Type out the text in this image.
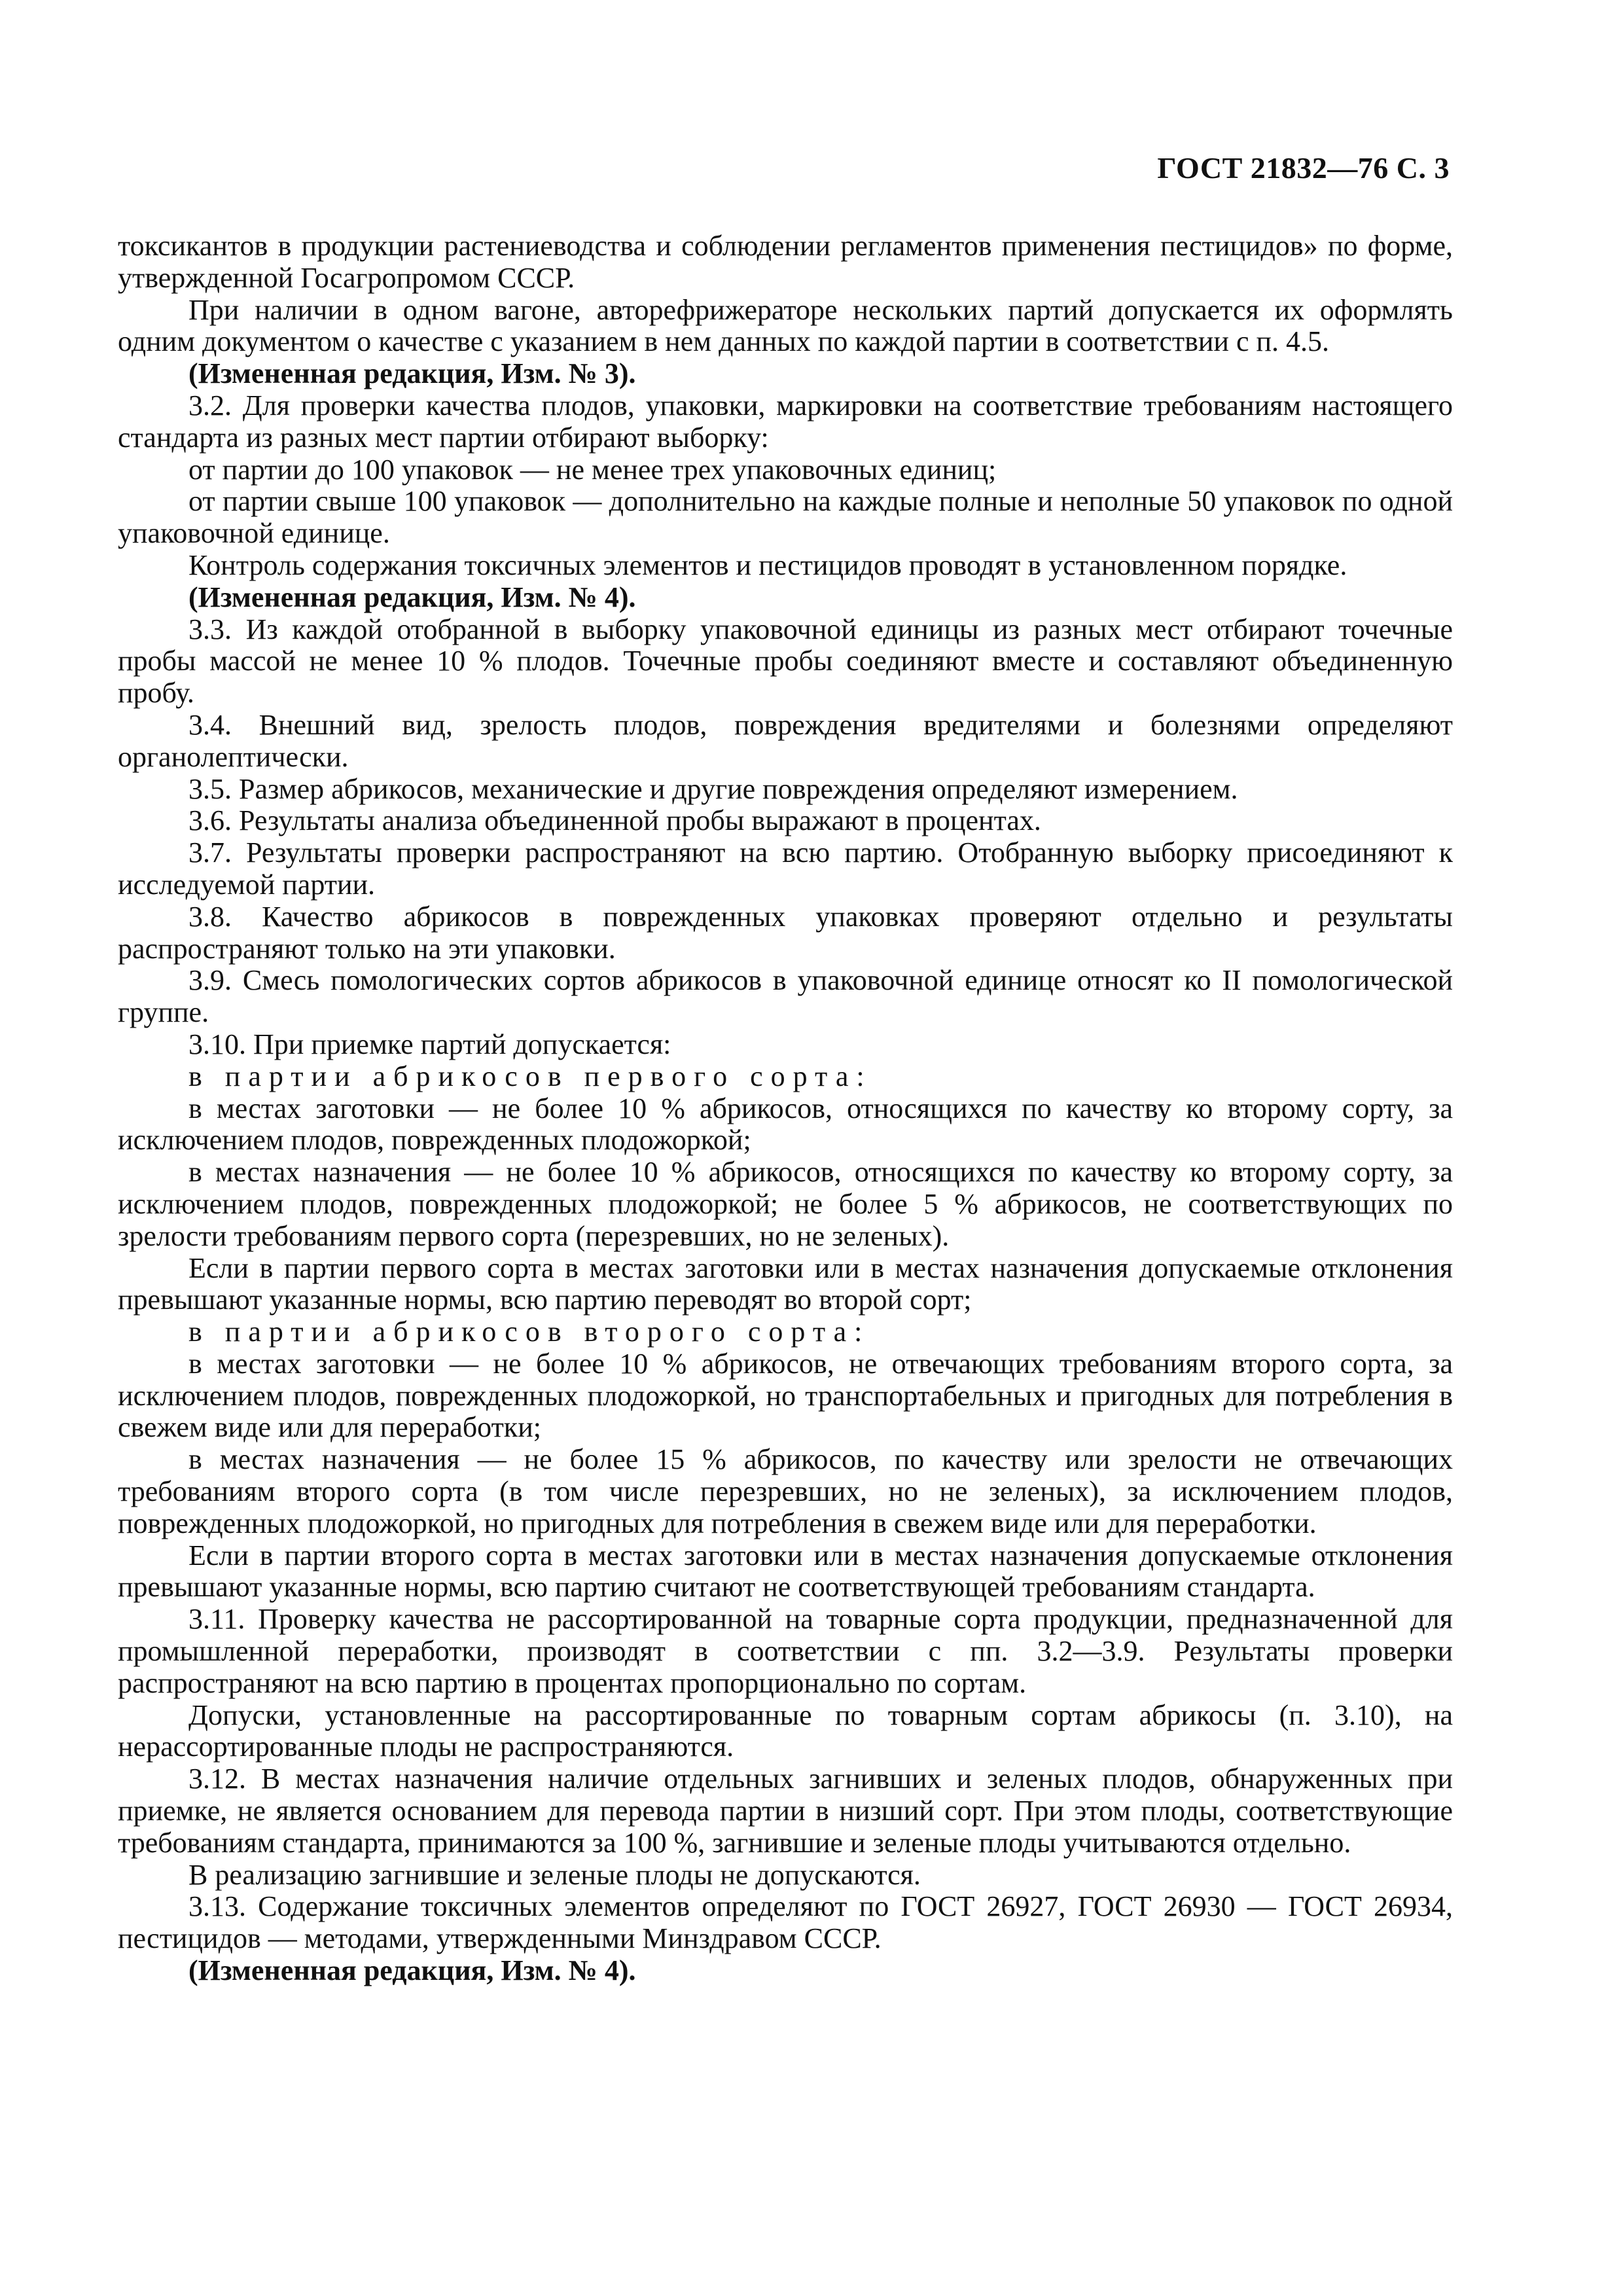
ГОСТ 21832—76 С. 3

токсикантов в продукции растениеводства и соблюдении регламентов применения пестицидов» по форме, утвержденной Госагропромом СССР.

При наличии в одном вагоне, авторефрижераторе нескольких партий допускается их оформлять одним документом о качестве с указанием в нем данных по каждой партии в соответствии с п. 4.5.

(Измененная редакция, Изм. № 3).

3.2. Для проверки качества плодов, упаковки, маркировки на соответствие требованиям настоящего стандарта из разных мест партии отбирают выборку:

от партии до 100 упаковок — не менее трех упаковочных единиц;

от партии свыше 100 упаковок — дополнительно на каждые полные и неполные 50 упаковок по одной упаковочной единице.

Контроль содержания токсичных элементов и пестицидов проводят в установленном порядке.

(Измененная редакция, Изм. № 4).

3.3. Из каждой отобранной в выборку упаковочной единицы из разных мест отбирают точечные пробы массой не менее 10 % плодов. Точечные пробы соединяют вместе и составляют объединенную пробу.

3.4. Внешний вид, зрелость плодов, повреждения вредителями и болезнями определяют органолептически.

3.5. Размер абрикосов, механические и другие повреждения определяют измерением.

3.6. Результаты анализа объединенной пробы выражают в процентах.

3.7. Результаты проверки распространяют на всю партию. Отобранную выборку присоединяют к исследуемой партии.

3.8. Качество абрикосов в поврежденных упаковках проверяют отдельно и результаты распространяют только на эти упаковки.

3.9. Смесь помологических сортов абрикосов в упаковочной единице относят ко II помологической группе.

3.10. При приемке партий допускается:

в партии абрикосов первого сорта:

в местах заготовки — не более 10 % абрикосов, относящихся по качеству ко второму сорту, за исключением плодов, поврежденных плодожоркой;

в местах назначения — не более 10 % абрикосов, относящихся по качеству ко второму сорту, за исключением плодов, поврежденных плодожоркой; не более 5 % абрикосов, не соответствующих по зрелости требованиям первого сорта (перезревших, но не зеленых).

Если в партии первого сорта в местах заготовки или в местах назначения допускаемые отклонения превышают указанные нормы, всю партию переводят во второй сорт;

в партии абрикосов второго сорта:

в местах заготовки — не более 10 % абрикосов, не отвечающих требованиям второго сорта, за исключением плодов, поврежденных плодожоркой, но транспортабельных и пригодных для потребления в свежем виде или для переработки;

в местах назначения — не более 15 % абрикосов, по качеству или зрелости не отвечающих требованиям второго сорта (в том числе перезревших, но не зеленых), за исключением плодов, поврежденных плодожоркой, но пригодных для потребления в свежем виде или для переработки.

Если в партии второго сорта в местах заготовки или в местах назначения допускаемые отклонения превышают указанные нормы, всю партию считают не соответствующей требованиям стандарта.

3.11. Проверку качества не рассортированной на товарные сорта продукции, предназначенной для промышленной переработки, производят в соответствии с пп. 3.2—3.9. Результаты проверки распространяют на всю партию в процентах пропорционально по сортам.

Допуски, установленные на рассортированные по товарным сортам абрикосы (п. 3.10), на нерассортированные плоды не распространяются.

3.12. В местах назначения наличие отдельных загнивших и зеленых плодов, обнаруженных при приемке, не является основанием для перевода партии в низший сорт. При этом плоды, соответствующие требованиям стандарта, принимаются за 100 %, загнившие и зеленые плоды учитываются отдельно.

В реализацию загнившие и зеленые плоды не допускаются.

3.13. Содержание токсичных элементов определяют по ГОСТ 26927, ГОСТ 26930 — ГОСТ 26934, пестицидов — методами, утвержденными Минздравом СССР.

(Измененная редакция, Изм. № 4).
